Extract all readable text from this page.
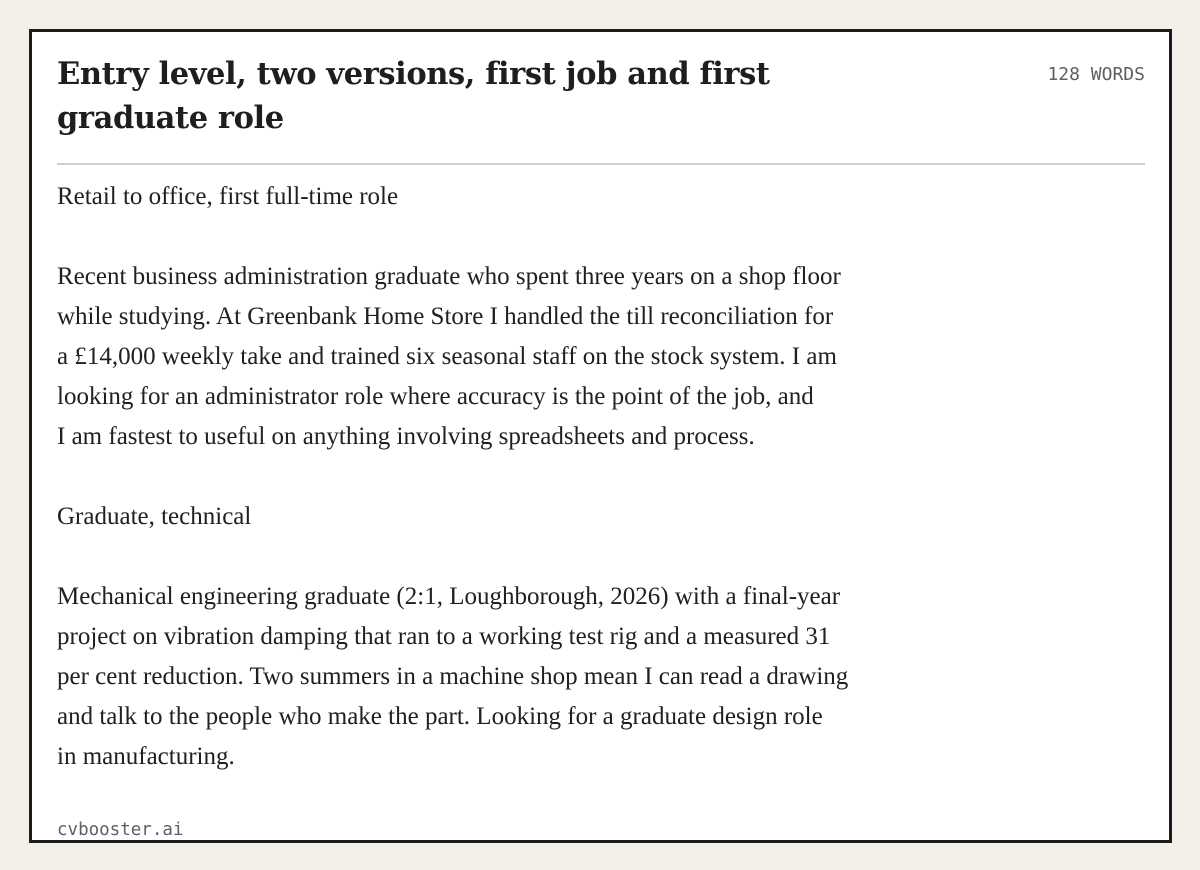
Entry level, two versions, first job and first graduate role
128 WORDS

Retail to office, first full-time role

Recent business administration graduate who spent three years on a shop floor
while studying. At Greenbank Home Store I handled the till reconciliation for
a £14,000 weekly take and trained six seasonal staff on the stock system. I am
looking for an administrator role where accuracy is the point of the job, and
I am fastest to useful on anything involving spreadsheets and process.

Graduate, technical

Mechanical engineering graduate (2:1, Loughborough, 2026) with a final-year
project on vibration damping that ran to a working test rig and a measured 31
per cent reduction. Two summers in a machine shop mean I can read a drawing
and talk to the people who make the part. Looking for a graduate design role
in manufacturing.

cvbooster.ai
